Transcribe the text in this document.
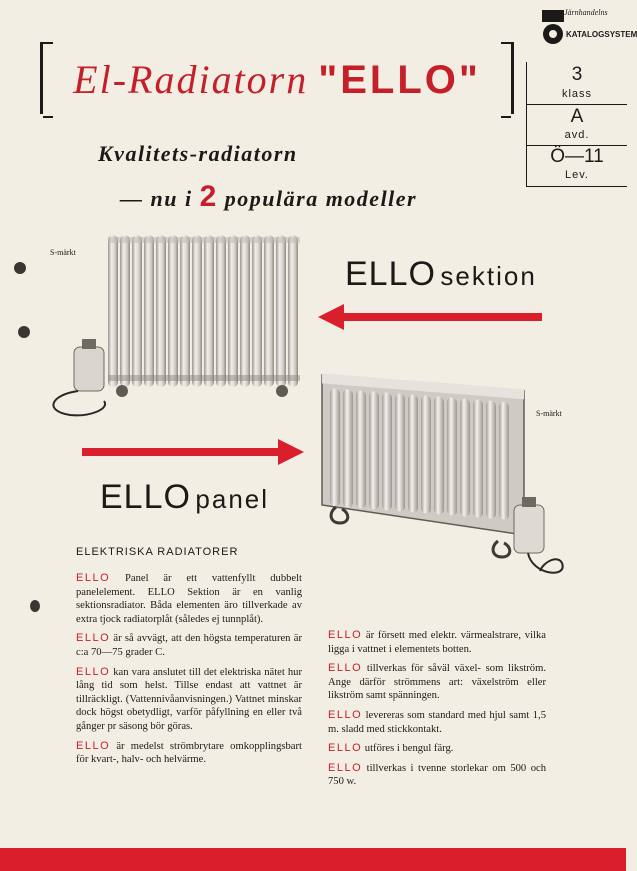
Järnhandelns
KATALOGSYSTEM
El-Radiatorn "ELLO"	3
klass
A
avd.
Ö—11
Lev.
Kvalitets-radiatorn
— nu i 2 populära modeller
S-märkt
ELLO sektion
S-märkt
ELLO panel
ELEKTRISKA RADIATORER

ELLO Panel är ett vattenfyllt dubbelt panelelement. ELLO Sektion är en vanlig sektionsradiator. Båda elementen äro tillverkade av extra tjock radiatorplåt (således ej tunnplåt).

ELLO är så avvägt, att den högsta temperaturen är c:a 70—75 grader C.

ELLO kan vara anslutet till det elektriska nätet hur lång tid som helst. Tillse endast att vattnet är tillräckligt. (Vattennivåanvisningen.) Vattnet minskar dock högst obetydligt, varför påfyllning en eller två gånger pr säsong bör göras.

ELLO är medelst strömbrytare omkopplingsbart för kvart-, halv- och helvärme.

ELLO är försett med elektr. värmealstrare, vilka ligga i vattnet i elementets botten.

ELLO tillverkas för såväl växel- som likström. Ange därför strömmens art: växelström eller likström samt spänningen.

ELLO levereras som standard med hjul samt 1,5 m. sladd med stickkontakt.

ELLO utföres i bengul färg.

ELLO tillverkas i tvenne storlekar om 500 och 750 w.
